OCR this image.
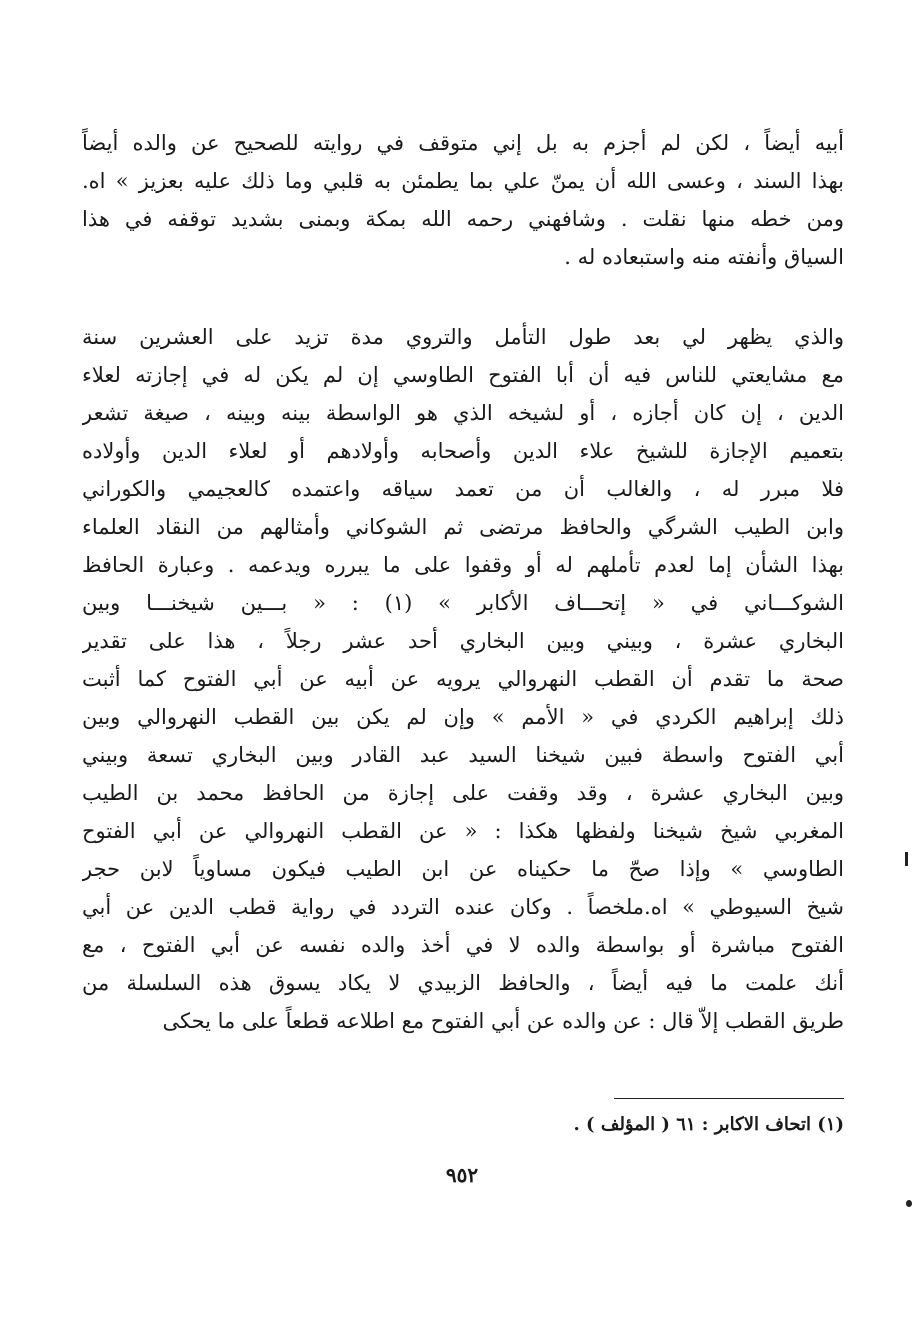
أبيه أيضاً ، لكن لم أجزم به بل إني متوقف في روايته للصحيح عن والده أيضاً
بهذا السند ، وعسى الله أن يمنّ علي بما يطمئن به قلبي وما ذلك عليه بعزيز » اه.
ومن خطه منها نقلت . وشافهني رحمه الله بمكة وبمنى بشديد توقفه في هذا
السياق وأنفته منه واستبعاده له .
والذي يظهر لي بعد طول التأمل والتروي مدة تزيد على العشرين سنة
مع مشايعتي للناس فيه أن أبا الفتوح الطاوسي إن لم يكن له في إجازته لعلاء
الدين ، إن كان أجازه ، أو لشيخه الذي هو الواسطة بينه وبينه ، صيغة تشعر
بتعميم الإجازة للشيخ علاء الدين وأصحابه وأولادهم أو لعلاء الدين وأولاده
فلا مبرر له ، والغالب أن من تعمد سياقه واعتمده كالعجيمي والكوراني
وابن الطيب الشرگي والحافظ مرتضى ثم الشوكاني وأمثالهم من النقاد العلماء
بهذا الشأن إما لعدم تأملهم له أو وقفوا على ما يبرره ويدعمه . وعبارة الحافظ
الشوكـــاني في « إتحـــاف الأكابر » (١) : « بـــين شيخنـــا وبين
البخاري عشرة ، وبيني وبين البخاري أحد عشر رجلاً ، هذا على تقدير
صحة ما تقدم أن القطب النهروالي يرويه عن أبيه عن أبي الفتوح كما أثبت
ذلك إبراهيم الكردي في « الأمم » وإن لم يكن بين القطب النهروالي وبين
أبي الفتوح واسطة فبين شيخنا السيد عبد القادر وبين البخاري تسعة وبيني
وبين البخاري عشرة ، وقد وقفت على إجازة من الحافظ محمد بن الطيب
المغربي شيخ شيخنا ولفظها هكذا : « عن القطب النهروالي عن أبي الفتوح
الطاوسي » وإذا صحّ ما حكيناه عن ابن الطيب فيكون مساوياً لابن حجر
شيخ السيوطي » اه.ملخصاً . وكان عنده التردد في رواية قطب الدين عن أبي
الفتوح مباشرة أو بواسطة والده لا في أخذ والده نفسه عن أبي الفتوح ، مع
أنك علمت ما فيه أيضاً ، والحافظ الزبيدي لا يكاد يسوق هذه السلسلة من
طريق القطب إلاّ قال : عن والده عن أبي الفتوح مع اطلاعه قطعاً على ما يحكى
(١) اتحاف الاكابر : ٦١ ( المؤلف ) .
٩٥٢
